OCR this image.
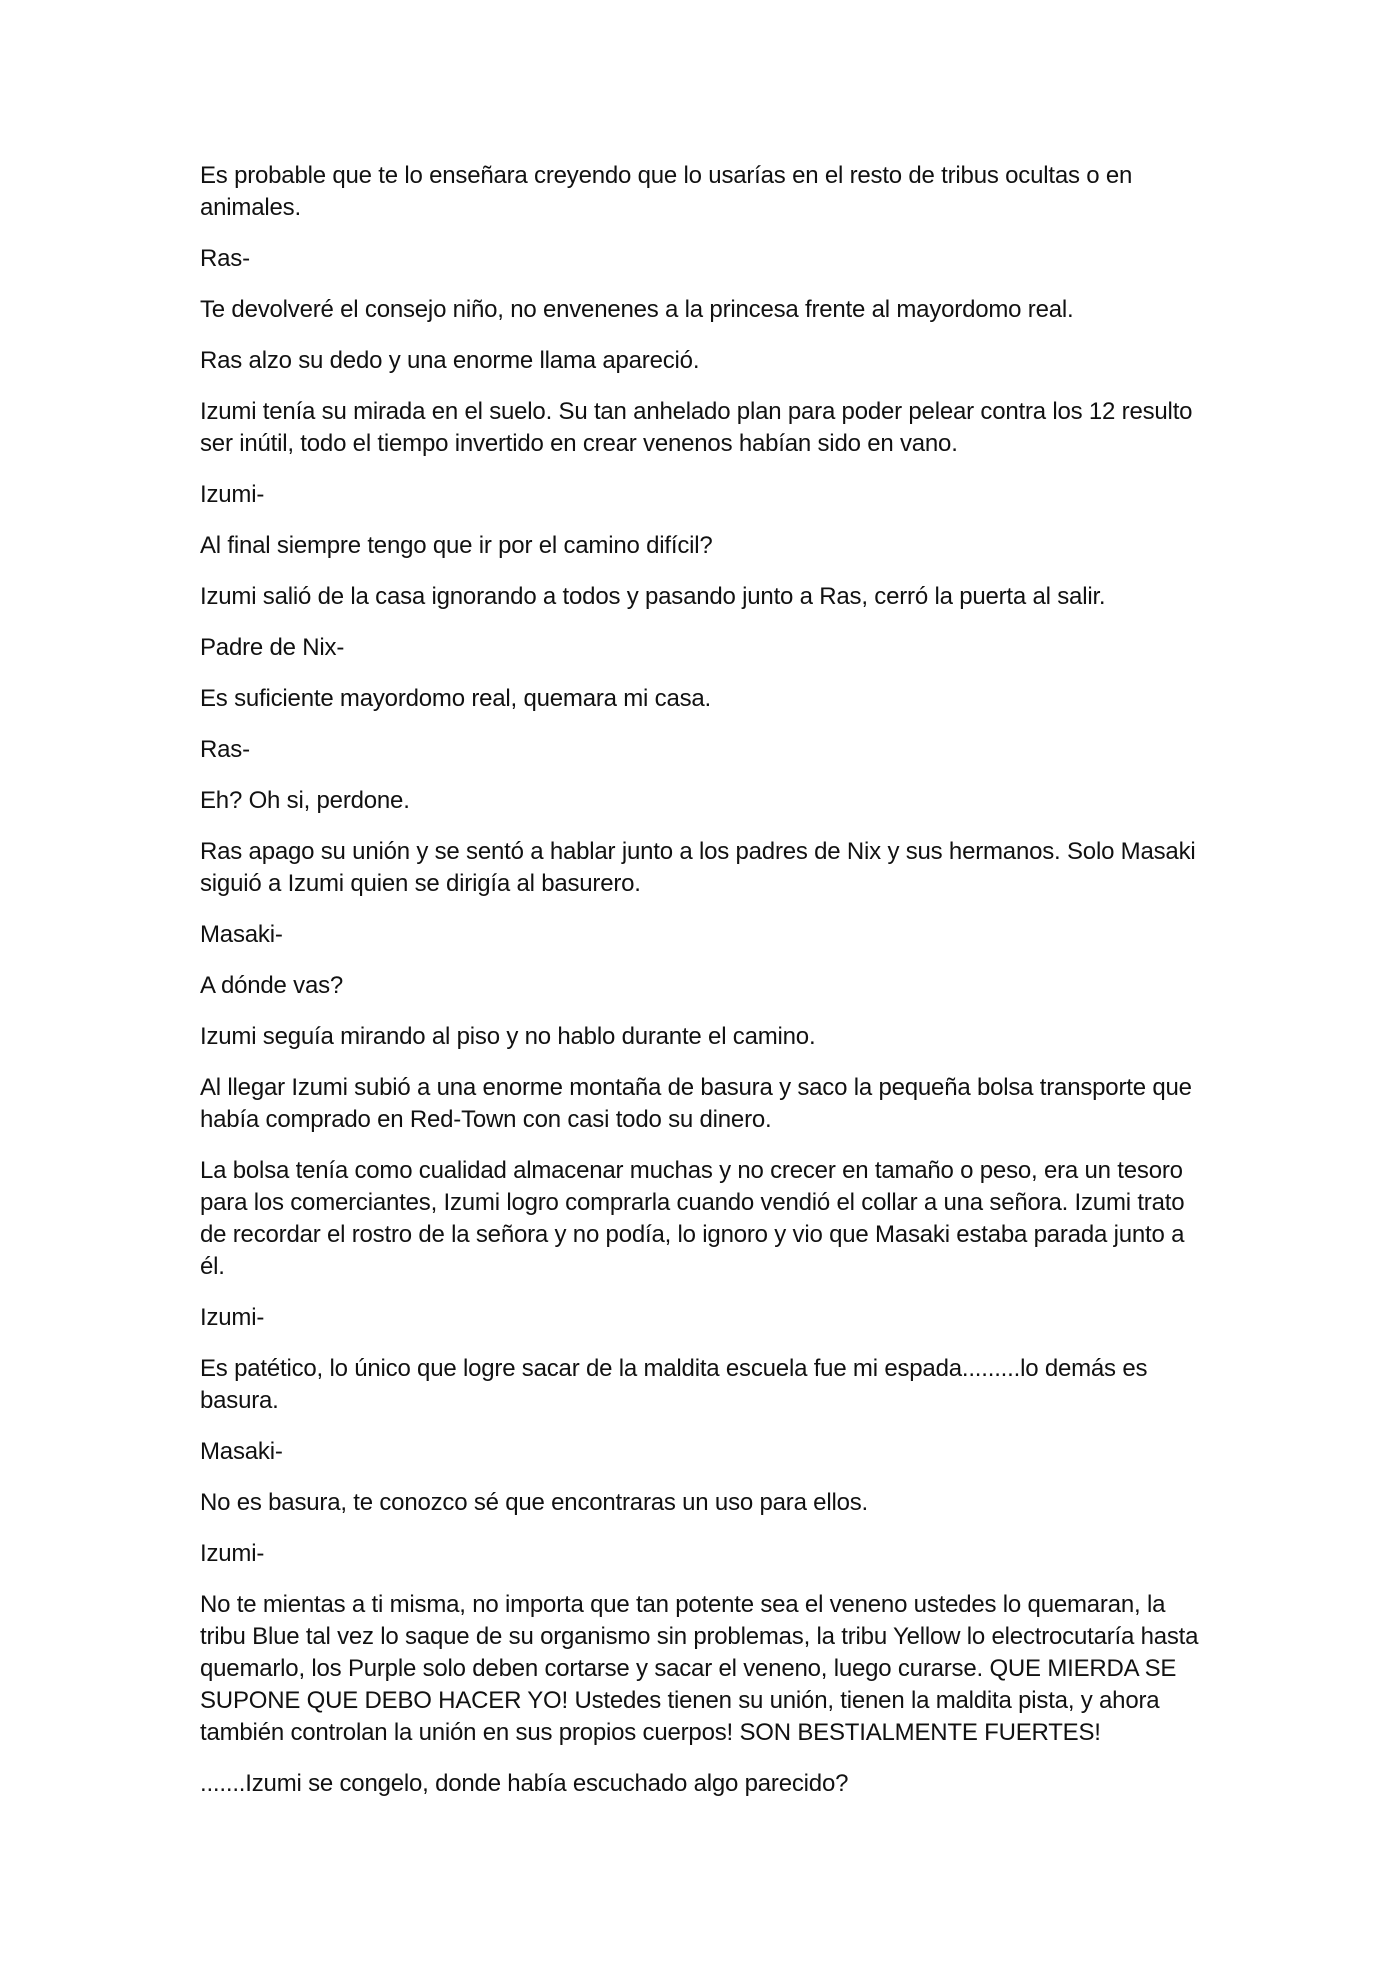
Es probable que te lo enseñara creyendo que lo usarías en el resto de tribus ocultas o en animales.

Ras-

Te devolveré el consejo niño, no envenenes a la princesa frente al mayordomo real.

Ras alzo su dedo y una enorme llama apareció.

Izumi tenía su mirada en el suelo. Su tan anhelado plan para poder pelear contra los 12 resulto ser inútil, todo el tiempo invertido en crear venenos habían sido en vano.

Izumi-

Al final siempre tengo que ir por el camino difícil?

Izumi salió de la casa ignorando a todos y pasando junto a Ras, cerró la puerta al salir.

Padre de Nix-

Es suficiente mayordomo real, quemara mi casa.

Ras-

Eh? Oh si, perdone.

Ras apago su unión y se sentó a hablar junto a los padres de Nix y sus hermanos. Solo Masaki siguió a Izumi quien se dirigía al basurero.

Masaki-

A dónde vas?

Izumi seguía mirando al piso y no hablo durante el camino.

Al llegar Izumi subió a una enorme montaña de basura y saco la pequeña bolsa transporte que había comprado en Red-Town con casi todo su dinero.

La bolsa tenía como cualidad almacenar muchas y no crecer en tamaño o peso, era un tesoro para los comerciantes, Izumi logro comprarla cuando vendió el collar a una señora. Izumi trato de recordar el rostro de la señora y no podía, lo ignoro y vio que Masaki estaba parada junto a él.

Izumi-

Es patético, lo único que logre sacar de la maldita escuela fue mi espada.........lo demás es basura.

Masaki-

No es basura, te conozco sé que encontraras un uso para ellos.

Izumi-

No te mientas a ti misma, no importa que tan potente sea el veneno ustedes lo quemaran, la tribu Blue tal vez lo saque de su organismo sin problemas, la tribu Yellow lo electrocutaría hasta quemarlo, los Purple solo deben cortarse y sacar el veneno, luego curarse. QUE MIERDA SE SUPONE QUE DEBO HACER YO! Ustedes tienen su unión, tienen la maldita pista, y ahora también controlan la unión en sus propios cuerpos! SON BESTIALMENTE FUERTES!

.......Izumi se congelo, donde había escuchado algo parecido?
